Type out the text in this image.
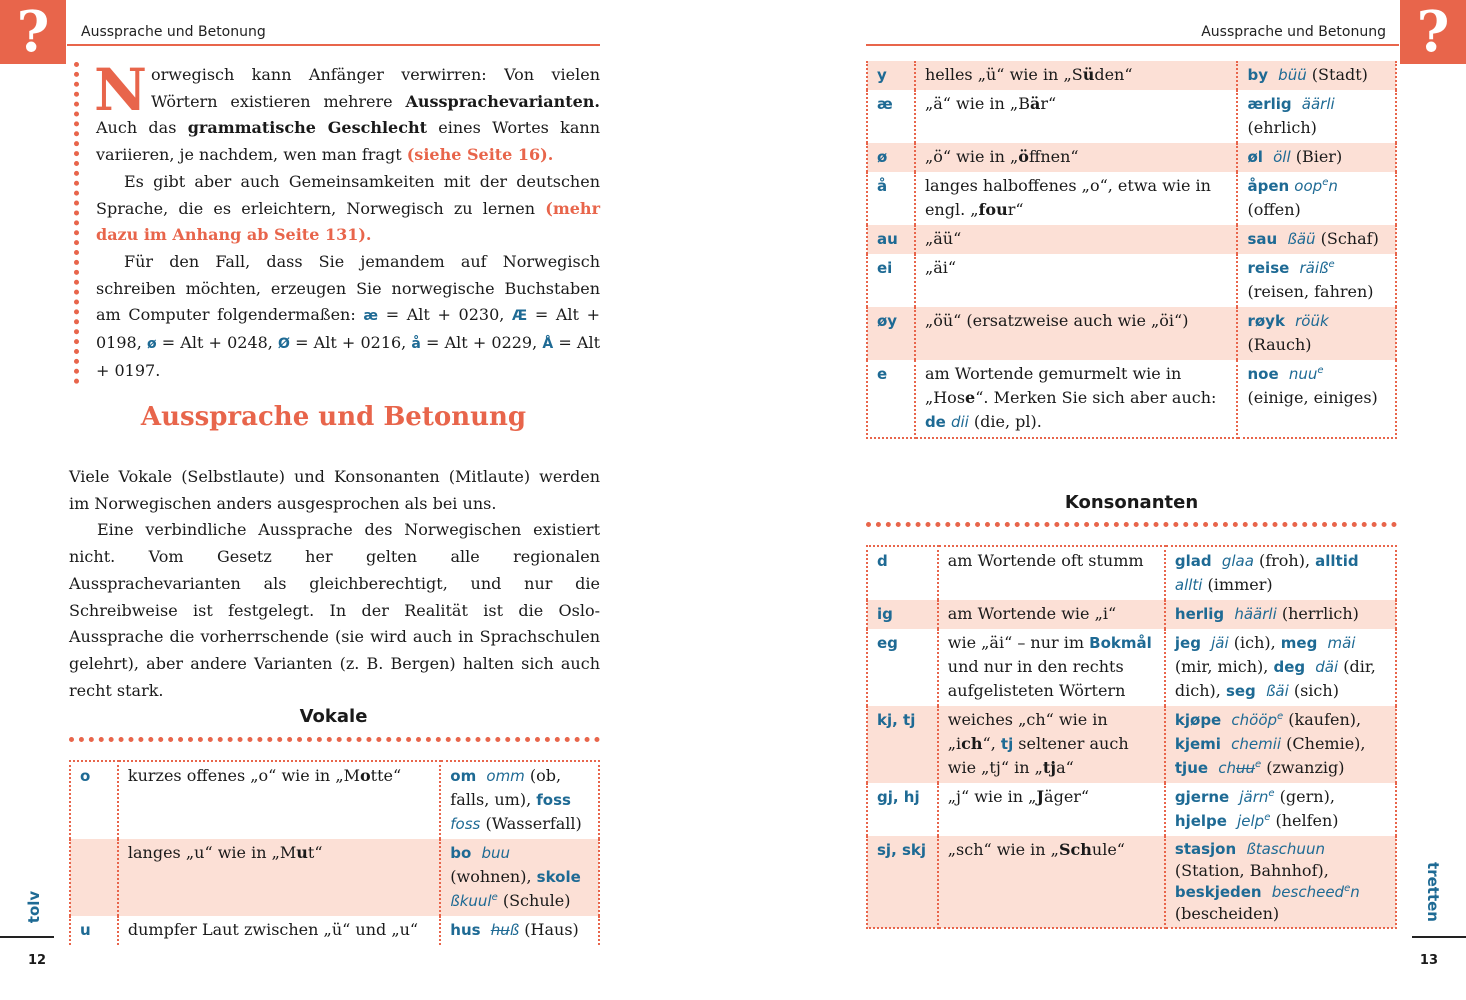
?	?
Aussprache und Betonung	Aussprache und Betonung

Norwegisch kann Anfänger verwirren: Von vielen Wörtern existieren mehrere Aussprachevarianten. Auch das grammatische Geschlecht eines Wortes kann variieren, je nachdem, wen man fragt (siehe Seite 16).

Es gibt aber auch Gemeinsamkeiten mit der deutschen Sprache, die es erleichtern, Norwegisch zu lernen (mehr dazu im Anhang ab Seite 131).

Für den Fall, dass Sie jemandem auf Norwegisch schreiben möchten, erzeugen Sie norwegische Buchstaben am Computer folgendermaßen: æ = Alt + 0230, Æ = Alt + 0198, ø = Alt + 0248, Ø = Alt + 0216, å = Alt + 0229, Å = Alt + 0197.

Aussprache und Betonung

Viele Vokale (Selbstlaute) und Konsonanten (Mitlaute) werden im Norwegischen anders ausgesprochen als bei uns.

Eine verbindliche Aussprache des Norwegischen existiert nicht. Vom Gesetz her gelten alle regionalen Aussprachevarianten als gleichberechtigt, und nur die Schreibweise ist festgelegt. In der Realität ist die Oslo-Aussprache die vorherrschende (sie wird auch in Sprachschulen gelehrt), aber andere Varianten (z. B. Bergen) halten sich auch recht stark.

Vokale
o	kurzes offenes „o“ wie in „Motte“	om omm (ob, falls, um), foss foss (Wasserfall)
	langes „u“ wie in „Mut“	bo buu (wohnen), skole ßkuul$^e$ (Schule)
u	dumpfer Laut zwischen „ü“ und „u“	hus huß (Haus)
y	helles „ü“ wie in „Süden“	by büü (Stadt)
æ	„ä“ wie in „Bär“	ærlig äärli (ehrlich)
ø	„ö“ wie in „öffnen“	øl öll (Bier)
å	langes halboffenes „o“, etwa wie in engl. „four“	åpen oop$^e$n (offen)
au	„äü“	sau ßäü (Schaf)
ei	„äi“	reise räiß$^e$ (reisen, fahren)
øy	„öü“ (ersatzweise auch wie „öi“)	røyk röük (Rauch)
e	am Wortende gemurmelt wie in „Hose“. Merken Sie sich aber auch: de dii (die, pl).	noe nuu$^e$ (einige, einiges)
Konsonanten
d	am Wortende oft stumm	glad glaa (froh), alltid  allti (immer)
ig	am Wortende wie „i“	herlig häärli (herrlich)
eg	wie „äi“ – nur im Bokmål und nur in den rechts aufgelisteten Wörtern	jeg jäi (ich), meg mäi (mir, mich), deg däi (dir, dich), seg ßäi (sich)
kj, tj	weiches „ch“ wie in „ich“, tj seltener auch wie „tj“ in „tja“	kjøpe chööp$^e$ (kaufen), kjemi chemii (Chemie), tjue chuu$^e$ (zwanzig)
gj, hj	„j“ wie in „Jäger“	gjerne järn$^e$ (gern), hjelpe jelp$^e$ (helfen)
sj, skj	„sch“ wie in „Schule“	stasjon ßtaschuun (Station, Bahnhof), beskjeden bescheed$^e$n (bescheiden)
tolv	tretten
12	13
